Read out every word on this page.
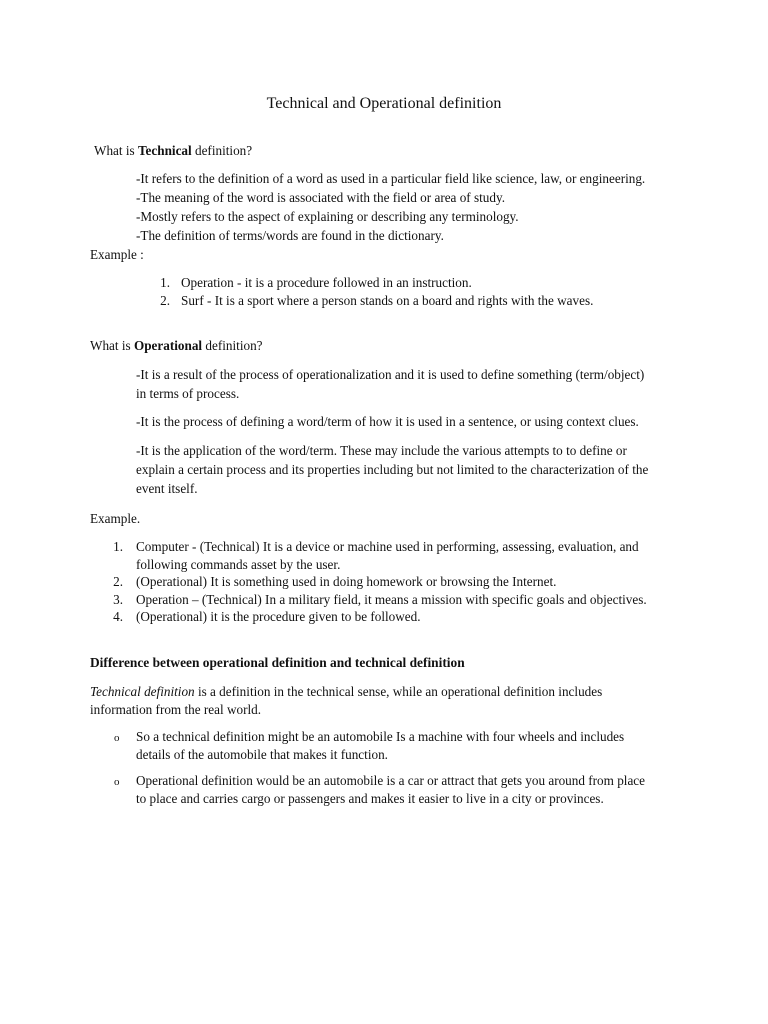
Technical and Operational definition
What is Technical definition?
-It refers to the definition of a word as used in a particular field like science, law, or engineering.
-The meaning of the word is associated with the field or area of study.
-Mostly refers to the aspect of explaining or describing any terminology.
-The definition of terms/words are found in the dictionary.
Example :
1. Operation - it is a procedure followed in an instruction.
2. Surf - It is a sport where a person stands on a board and rights with the waves.
What is Operational definition?
-It is a result of the process of operationalization and it is used to define something (term/object)
in terms of process.
-It is the process of defining a word/term of how it is used in a sentence, or using context clues.
-It is the application of the word/term. These may include the various attempts to to define or
explain a certain process and its properties including but not limited to the characterization of the
event itself.
Example.
1. Computer - (Technical) It is a device or machine used in performing, assessing, evaluation, and
following commands asset by the user.
2. (Operational) It is something used in doing homework or browsing the Internet.
3. Operation – (Technical) In a military field, it means a mission with specific goals and objectives.
4. (Operational) it is the procedure given to be followed.
Difference between operational definition and technical definition
Technical definition is a definition in the technical sense, while an operational definition includes
information from the real world.
o So a technical definition might be an automobile Is a machine with four wheels and includes
details of the automobile that makes it function.
o Operational definition would be an automobile is a car or attract that gets you around from place
to place and carries cargo or passengers and makes it easier to live in a city or provinces.
